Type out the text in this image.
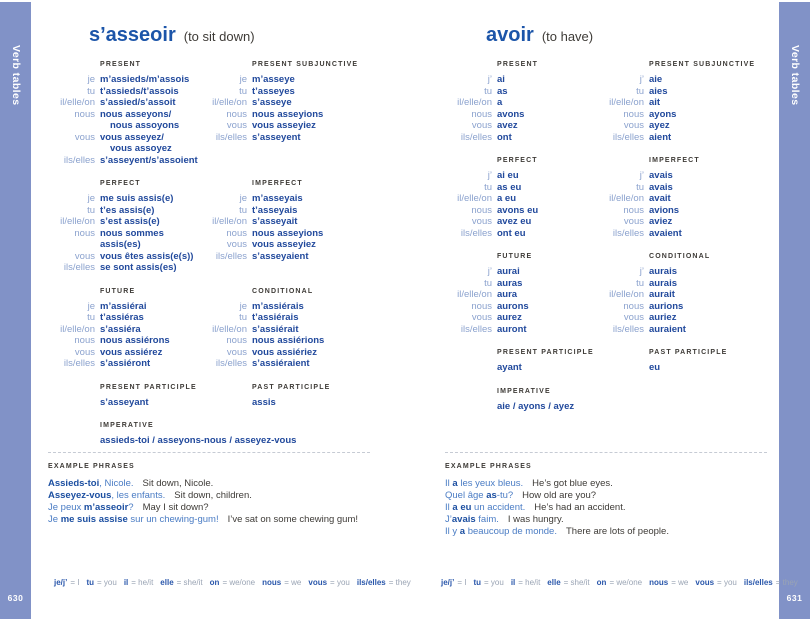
Verb tables
630
Verb tables
631
s’asseoir (to sit down)
PRESENT
je m’assieds/m’assois
tu t’assieds/t’assois
il/elle/on s’assied/s’assoit
nous nous asseyons/
nous assoyons
vous vous asseyez/
vous assoyez
ils/elles s’asseyent/s’assoient
PRESENT SUBJUNCTIVE
je m’asseye
tu t’asseyes
il/elle/on s’asseye
nous nous asseyions
vous vous asseyiez
ils/elles s’asseyent
PERFECT
je me suis assis(e)
tu t’es assis(e)
il/elle/on s’est assis(e)
nous nous sommes assis(es)
vous vous êtes assis(e(s))
ils/elles se sont assis(es)
IMPERFECT
je m’asseyais
tu t’asseyais
il/elle/on s’asseyait
nous nous asseyions
vous vous asseyiez
ils/elles s’asseyaient
FUTURE
je m’assiérai
tu t’assiéras
il/elle/on s’assiéra
nous nous assiérons
vous vous assiérez
ils/elles s’assiéront
CONDITIONAL
je m’assiérais
tu t’assiérais
il/elle/on s’assiérait
nous nous assiérions
vous vous assiériez
ils/elles s’assiéraient
PRESENT PARTICIPLE
s’asseyant
PAST PARTICIPLE
assis
IMPERATIVE
assieds-toi / asseyons-nous / asseyez-vous
EXAMPLE PHRASES
Assieds-toi, Nicole. Sit down, Nicole.
Asseyez-vous, les enfants. Sit down, children.
Je peux m’asseoir? May I sit down?
Je me suis assise sur un chewing-gum! I’ve sat on some chewing gum!
je/j’ = I tu = you il = he/it elle = she/it on = we/one nous = we vous = you ils/elles = they
avoir (to have)
PRESENT
j’ ai
tu as
il/elle/on a
nous avons
vous avez
ils/elles ont
PRESENT SUBJUNCTIVE
j’ aie
tu aies
il/elle/on ait
nous ayons
vous ayez
ils/elles aient
PERFECT
j’ ai eu
tu as eu
il/elle/on a eu
nous avons eu
vous avez eu
ils/elles ont eu
IMPERFECT
j’ avais
tu avais
il/elle/on avait
nous avions
vous aviez
ils/elles avaient
FUTURE
j’ aurai
tu auras
il/elle/on aura
nous aurons
vous aurez
ils/elles auront
CONDITIONAL
j’ aurais
tu aurais
il/elle/on aurait
nous aurions
vous auriez
ils/elles auraient
PRESENT PARTICIPLE
ayant
PAST PARTICIPLE
eu
IMPERATIVE
aie / ayons / ayez
EXAMPLE PHRASES
Il a les yeux bleus. He’s got blue eyes.
Quel âge as-tu? How old are you?
Il a eu un accident. He’s had an accident.
J’avais faim. I was hungry.
Il y a beaucoup de monde. There are lots of people.
je/j’ = I tu = you il = he/it elle = she/it on = we/one nous = we vous = you ils/elles = they
